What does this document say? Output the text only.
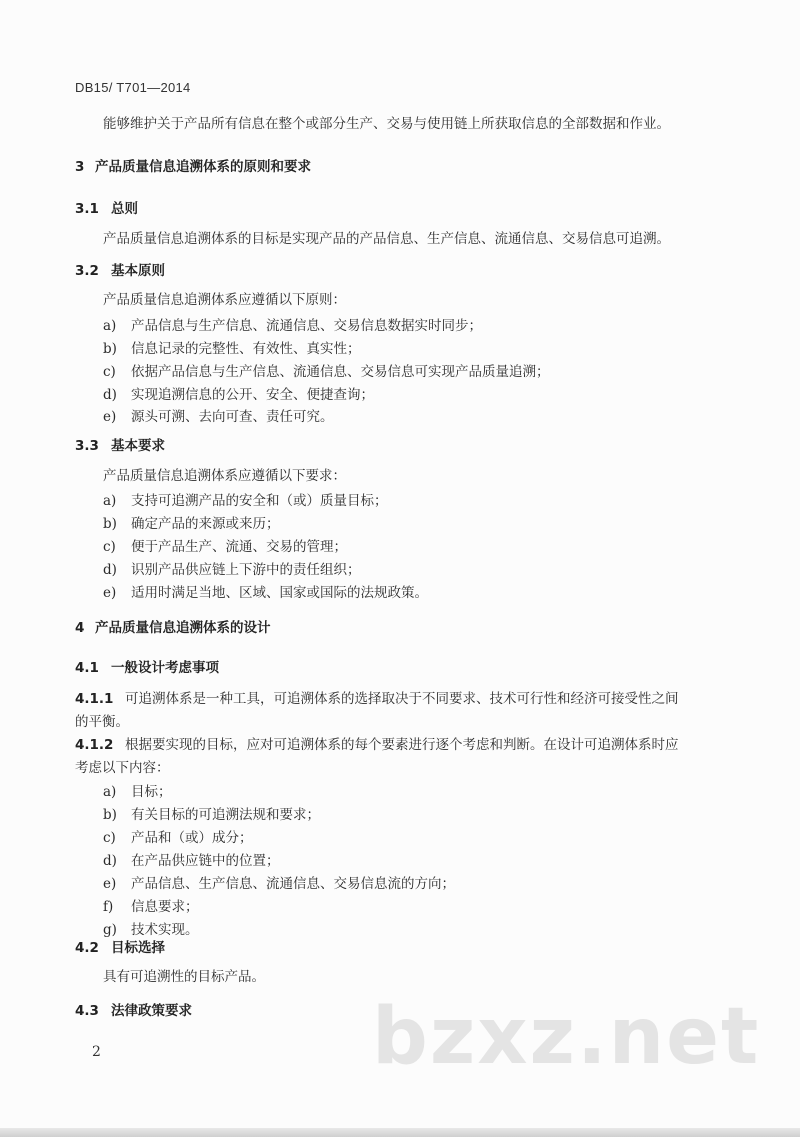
DB15/ T701—2014
能够维护关于产品所有信息在整个或部分生产、交易与使用链上所获取信息的全部数据和作业。
3 产品质量信息追溯体系的原则和要求
3.1 总则
产品质量信息追溯体系的目标是实现产品的产品信息、生产信息、流通信息、交易信息可追溯。
3.2 基本原则
产品质量信息追溯体系应遵循以下原则：
a) 产品信息与生产信息、流通信息、交易信息数据实时同步；
b) 信息记录的完整性、有效性、真实性；
c) 依据产品信息与生产信息、流通信息、交易信息可实现产品质量追溯；
d) 实现追溯信息的公开、安全、便捷查询；
e) 源头可溯、去向可查、责任可究。
3.3 基本要求
产品质量信息追溯体系应遵循以下要求：
a) 支持可追溯产品的安全和（或）质量目标；
b) 确定产品的来源或来历；
c) 便于产品生产、流通、交易的管理；
d) 识别产品供应链上下游中的责任组织；
e) 适用时满足当地、区域、国家或国际的法规政策。
4 产品质量信息追溯体系的设计
4.1 一般设计考虑事项
4.1.1 可追溯体系是一种工具，可追溯体系的选择取决于不同要求、技术可行性和经济可接受性之间
的平衡。
4.1.2 根据要实现的目标，应对可追溯体系的每个要素进行逐个考虑和判断。在设计可追溯体系时应
考虑以下内容：
a) 目标；
b) 有关目标的可追溯法规和要求；
c) 产品和（或）成分；
d) 在产品供应链中的位置；
e) 产品信息、生产信息、流通信息、交易信息流的方向；
f) 信息要求；
g) 技术实现。
4.2 目标选择
具有可追溯性的目标产品。
4.3 法律政策要求 bzxz.net
2
